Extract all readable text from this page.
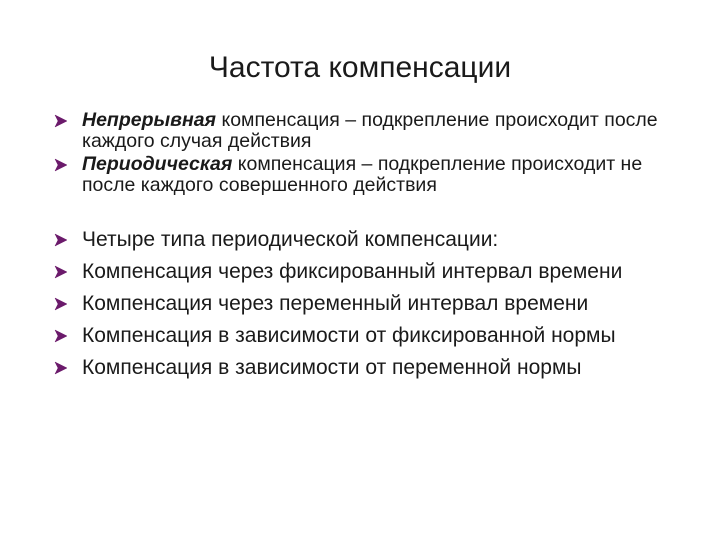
Частота компенсации
Непрерывная компенсация – подкрепление происходит после каждого случая действия
Периодическая компенсация – подкрепление происходит не после каждого совершенного действия
Четыре типа периодической компенсации:
Компенсация через фиксированный интервал времени
Компенсация через переменный интервал времени
Компенсация в зависимости от фиксированной нормы
Компенсация в зависимости от переменной нормы
